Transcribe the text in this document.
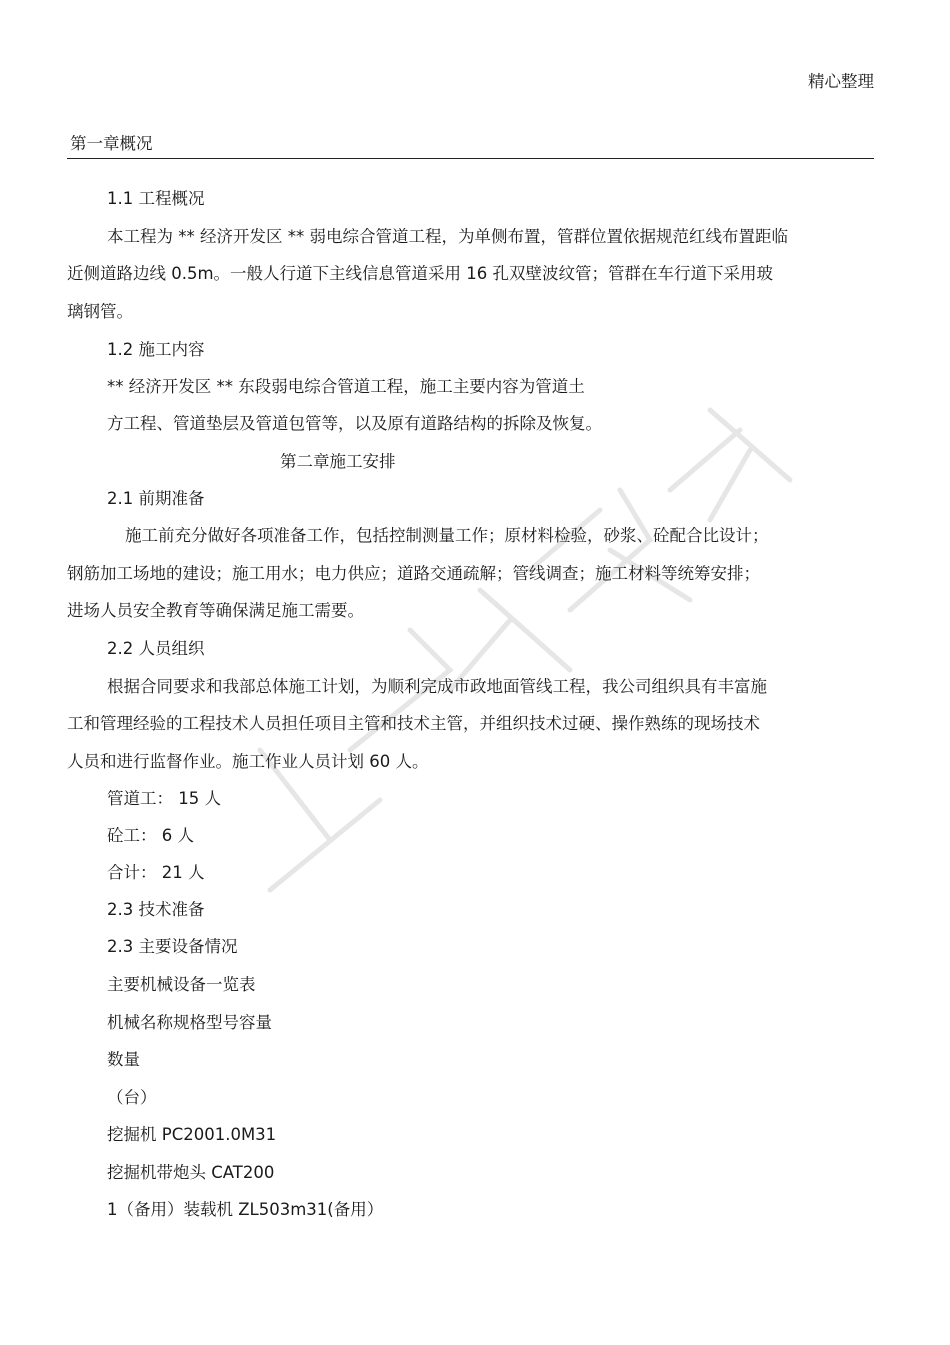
精心整理
第一章概况
1.1 工程概况
本工程为 ** 经济开发区 ** 弱电综合管道工程，为单侧布置，管群位置依据规范红线布置距临
近侧道路边线 0.5m。一般人行道下主线信息管道采用 16 孔双壁波纹管；管群在车行道下采用玻
璃钢管。
1.2 施工内容
** 经济开发区 ** 东段弱电综合管道工程，施工主要内容为管道土
方工程、管道垫层及管道包管等，以及原有道路结构的拆除及恢复。
第二章施工安排
2.1 前期准备
施工前充分做好各项准备工作，包括控制测量工作；原材料检验，砂浆、砼配合比设计；
钢筋加工场地的建设；施工用水；电力供应；道路交通疏解；管线调查；施工材料等统筹安排；
进场人员安全教育等确保满足施工需要。
2.2 人员组织
根据合同要求和我部总体施工计划，为顺利完成市政地面管线工程，我公司组织具有丰富施
工和管理经验的工程技术人员担任项目主管和技术主管，并组织技术过硬、操作熟练的现场技术
人员和进行监督作业。施工作业人员计划 60 人。
管道工： 15 人
砼工： 6 人
合计： 21 人
2.3 技术准备
2.3 主要设备情况
主要机械设备一览表
机械名称规格型号容量
数量
（台）
挖掘机 PC2001.0M31
挖掘机带炮头 CAT200
1（备用）装载机 ZL503m31(备用）
